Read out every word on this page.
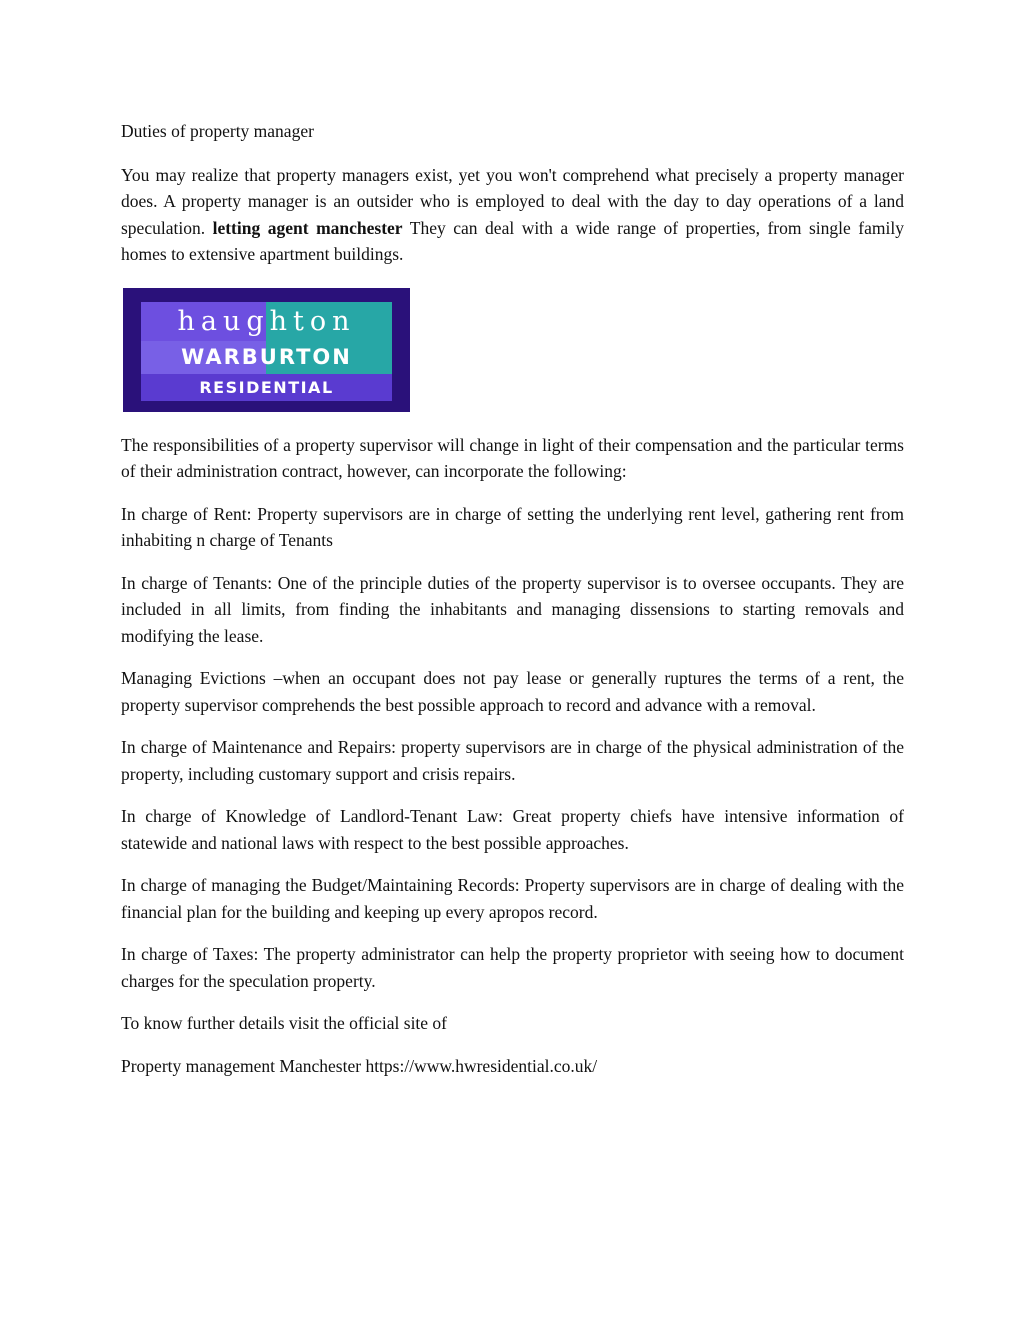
Duties of property manager

You may realize that property managers exist, yet you won't comprehend what precisely a property manager does. A property manager is an outsider who is employed to deal with the day to day operations of a land speculation. letting agent manchester They can deal with a wide range of properties, from single family homes to extensive apartment buildings.

haughton
WARBURTON
RESIDENTIAL

The responsibilities of a property supervisor will change in light of their compensation and the particular terms of their administration contract, however, can incorporate the following:

In charge of Rent: Property supervisors are in charge of setting the underlying rent level, gathering rent from inhabiting n charge of Tenants

In charge of Tenants: One of the principle duties of the property supervisor is to oversee occupants. They are included in all limits, from finding the inhabitants and managing dissensions to starting removals and modifying the lease.

Managing Evictions –when an occupant does not pay lease or generally ruptures the terms of a rent, the property supervisor comprehends the best possible approach to record and advance with a removal.

In charge of Maintenance and Repairs: property supervisors are in charge of the physical administration of the property, including customary support and crisis repairs.

In charge of Knowledge of Landlord-Tenant Law: Great property chiefs have intensive information of statewide and national laws with respect to the best possible approaches.

In charge of managing the Budget/Maintaining Records: Property supervisors are in charge of dealing with the financial plan for the building and keeping up every apropos record.

In charge of Taxes: The property administrator can help the property proprietor with seeing how to document charges for the speculation property.

To know further details visit the official site of

Property management Manchester https://www.hwresidential.co.uk/
